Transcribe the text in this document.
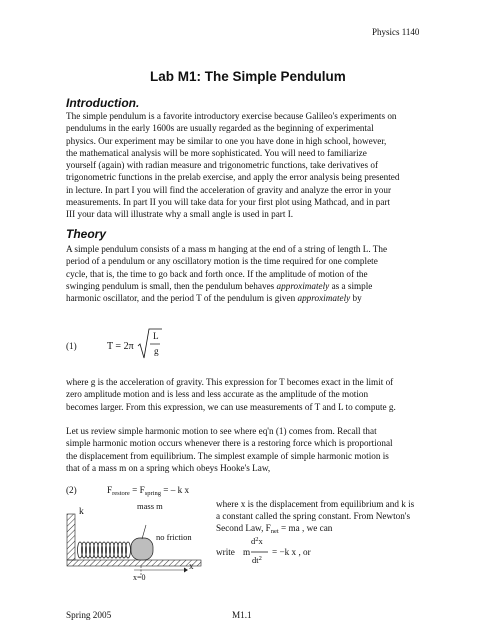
Physics 1140
Lab M1: The Simple Pendulum
Introduction.
The simple pendulum is a favorite introductory exercise because Galileo's experiments on
pendulums in the early 1600s are usually regarded as the beginning of experimental
physics. Our experiment may be similar to one you have done in high school, however,
the mathematical analysis will be more sophisticated. You will need to familiarize
yourself (again) with radian measure and trigonometric functions, take derivatives of
trigonometric functions in the prelab exercise, and apply the error analysis being presented
in lecture. In part I you will find the acceleration of gravity and analyze the error in your
measurements. In part II you will take data for your first plot using Mathcad, and in part
III your data will illustrate why a small angle is used in part I.
Theory
A simple pendulum consists of a mass m hanging at the end of a string of length L. The
period of a pendulum or any oscillatory motion is the time required for one complete
cycle, that is, the time to go back and forth once. If the amplitude of motion of the
swinging pendulum is small, then the pendulum behaves approximately as a simple
harmonic oscillator, and the period T of the pendulum is given approximately by
(1)	T = 2π
L
g
where g is the acceleration of gravity. This expression for T becomes exact in the limit of
zero amplitude motion and is less and less accurate as the amplitude of the motion
becomes larger. From this expression, we can use measurements of T and L to compute g.
Let us review simple harmonic motion to see where eq'n (1) comes from. Recall that
simple harmonic motion occurs whenever there is a restoring force which is proportional
the displacement from equilibrium. The simplest example of simple harmonic motion is
that of a mass m on a spring which obeys Hooke's Law,
(2)	$F_{restore} = F_{spring}$ = – k x
k
mass m
no friction
x
x=0
where x is the displacement from equilibrium and k is
a constant called the spring constant. From Newton's
Second Law, $F_{net}$ = ma , we can
write m
$d^2x$
$dt^2$
= −k x , or
Spring 2005	M1.1
